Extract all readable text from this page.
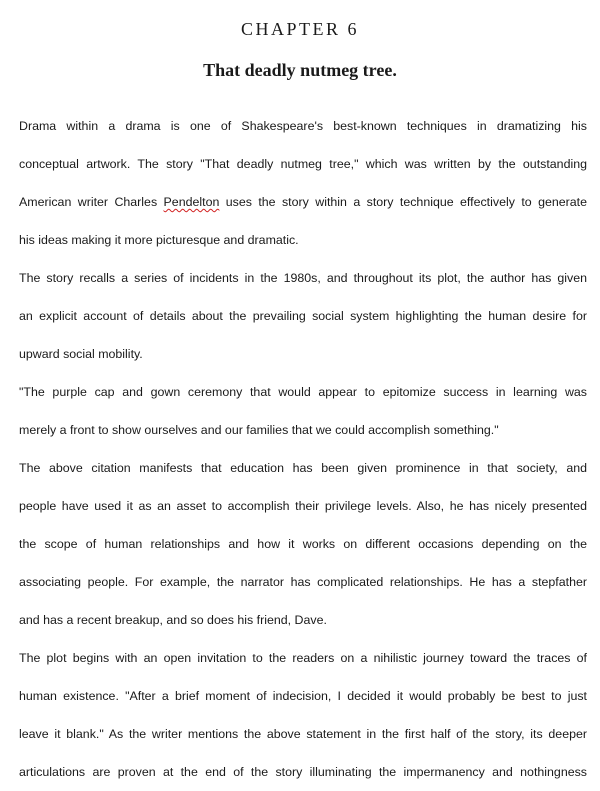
CHAPTER 6
That deadly nutmeg tree.
Drama within a drama is one of Shakespeare's best-known techniques in dramatizing his
conceptual artwork. The story "That deadly nutmeg tree," which was written by the outstanding
American writer Charles Pendelton uses the story within a story technique effectively to generate
his ideas making it more picturesque and dramatic.
The story recalls a series of incidents in the 1980s, and throughout its plot, the author has given
an explicit account of details about the prevailing social system highlighting the human desire for
upward social mobility.
"The purple cap and gown ceremony that would appear to epitomize success in learning was
merely a front to show ourselves and our families that we could accomplish something."
The above citation manifests that education has been given prominence in that society, and
people have used it as an asset to accomplish their privilege levels. Also, he has nicely presented
the scope of human relationships and how it works on different occasions depending on the
associating people. For example, the narrator has complicated relationships. He has a stepfather
and has a recent breakup, and so does his friend, Dave.
The plot begins with an open invitation to the readers on a nihilistic journey toward the traces of
human existence. "After a brief moment of indecision, I decided it would probably be best to just
leave it blank." As the writer mentions the above statement in the first half of the story, its deeper
articulations are proven at the end of the story illuminating the impermanency and nothingness
